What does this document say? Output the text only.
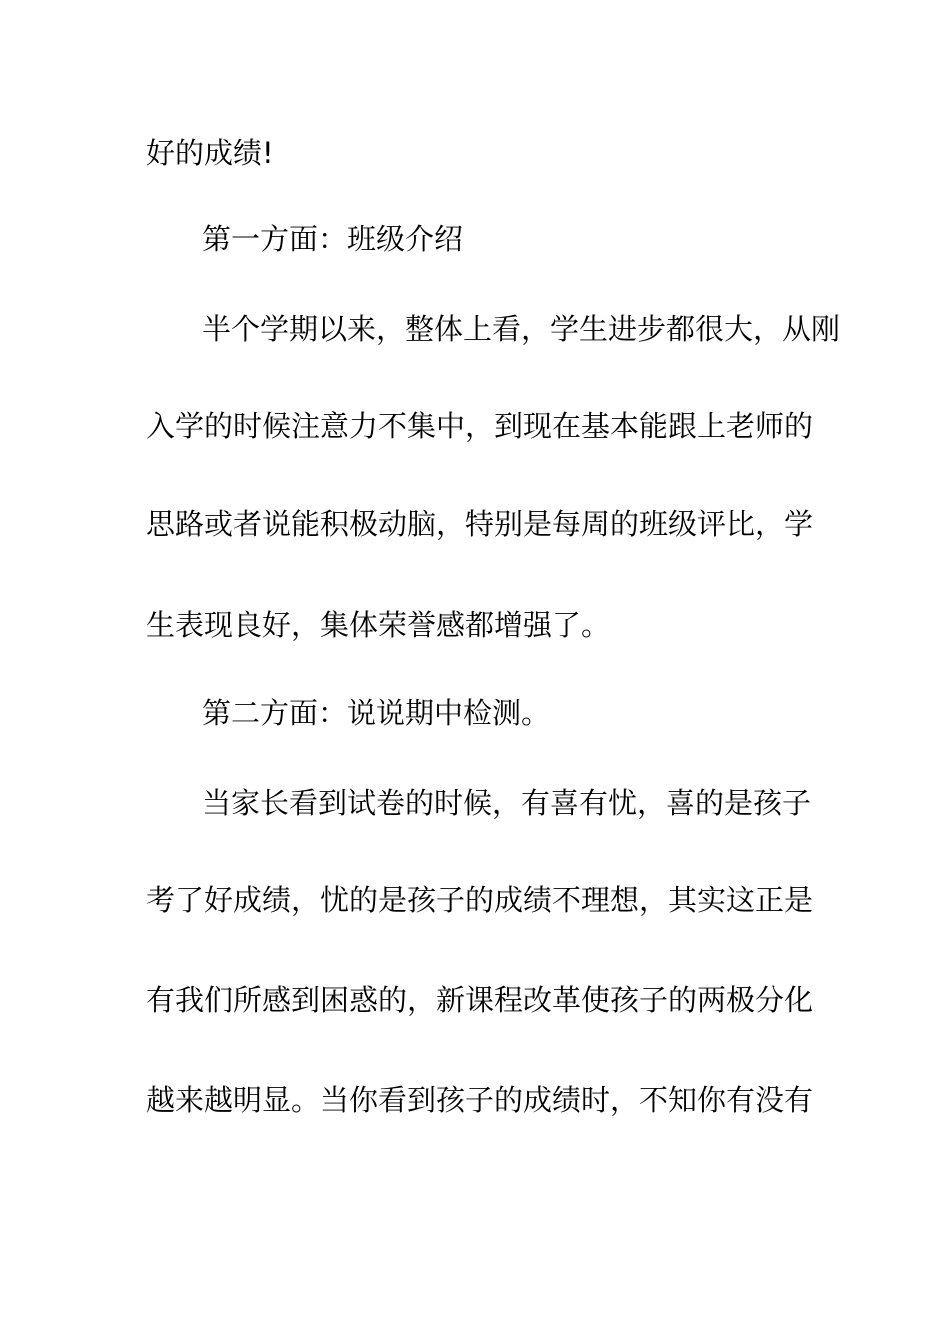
好的成绩!
第一方面：班级介绍
半个学期以来，整体上看，学生进步都很大，从刚
入学的时候注意力不集中，到现在基本能跟上老师的
思路或者说能积极动脑，特别是每周的班级评比，学
生表现良好，集体荣誉感都增强了。
第二方面：说说期中检测。
当家长看到试卷的时候，有喜有忧，喜的是孩子
考了好成绩，忧的是孩子的成绩不理想，其实这正是
有我们所感到困惑的，新课程改革使孩子的两极分化
越来越明显。当你看到孩子的成绩时，不知你有没有
